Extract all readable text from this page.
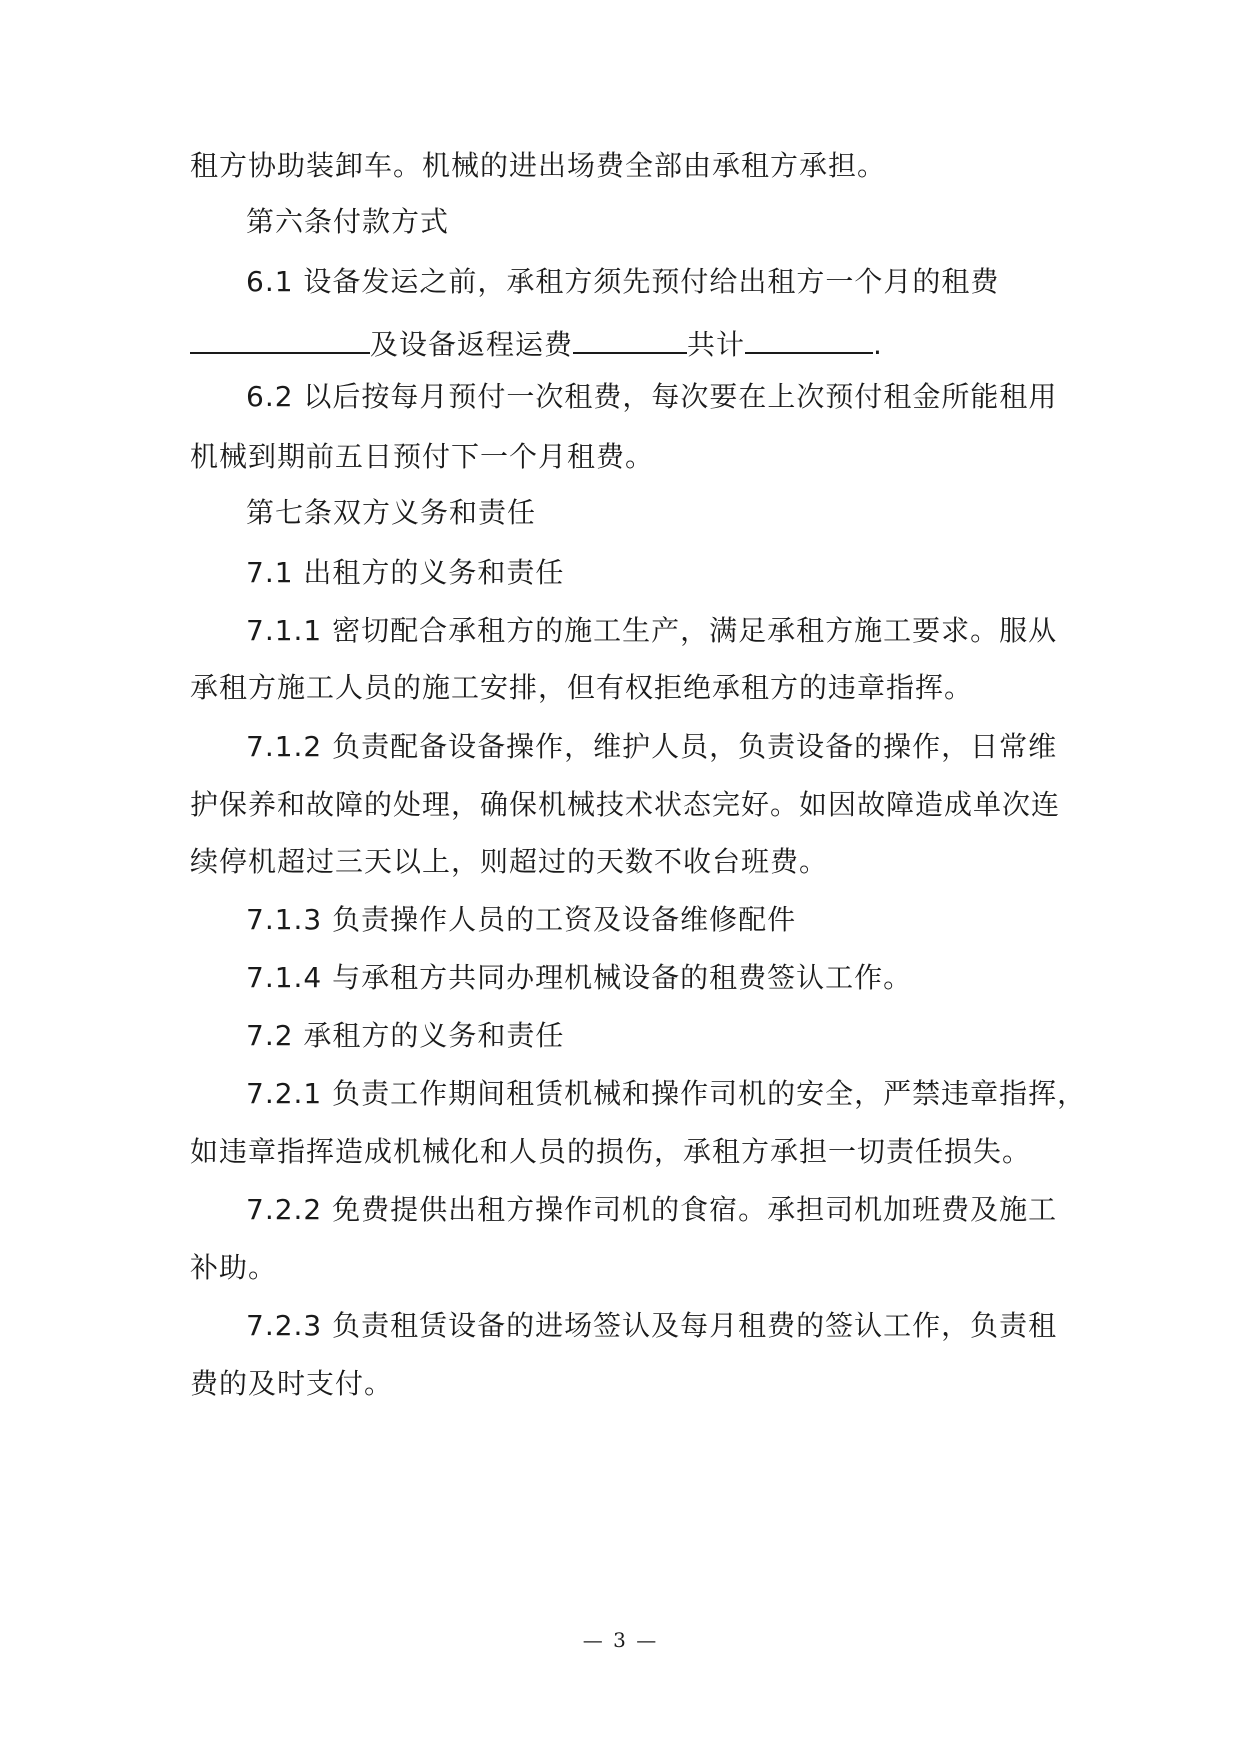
租方协助装卸车。机械的进出场费全部由承租方承担。
第六条付款方式
6.1 设备发运之前，承租方须先预付给出租方一个月的租费
及设备返程运费	共计	.
6.2 以后按每月预付一次租费，每次要在上次预付租金所能租用
机械到期前五日预付下一个月租费。
第七条双方义务和责任
7.1 出租方的义务和责任
7.1.1 密切配合承租方的施工生产，满足承租方施工要求。服从
承租方施工人员的施工安排，但有权拒绝承租方的违章指挥。
7.1.2 负责配备设备操作，维护人员，负责设备的操作，日常维
护保养和故障的处理，确保机械技术状态完好。如因故障造成单次连
续停机超过三天以上，则超过的天数不收台班费。
7.1.3 负责操作人员的工资及设备维修配件
7.1.4 与承租方共同办理机械设备的租费签认工作。
7.2 承租方的义务和责任
7.2.1 负责工作期间租赁机械和操作司机的安全，严禁违章指挥，
如违章指挥造成机械化和人员的损伤，承租方承担一切责任损失。
7.2.2 免费提供出租方操作司机的食宿。承担司机加班费及施工
补助。
7.2.3 负责租赁设备的进场签认及每月租费的签认工作，负责租
费的及时支付。
— 3 —
